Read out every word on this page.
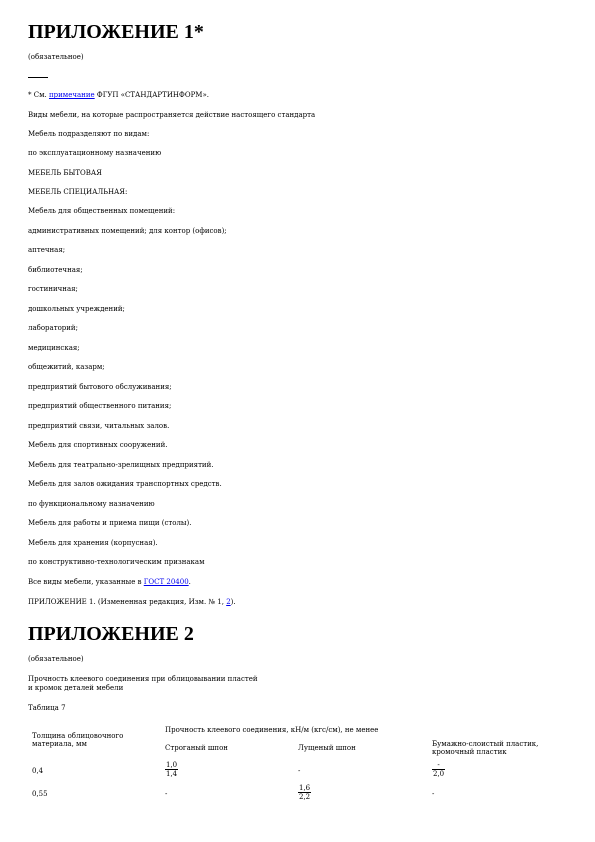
ПРИЛОЖЕНИЕ 1*
(обязательное)
* См. примечание ФГУП «СТАНДАРТИНФОРМ».
Виды мебели, на которые распространяется действие настоящего стандарта
Мебель подразделяют по видам:
по эксплуатационному назначению
МЕБЕЛЬ БЫТОВАЯ
МЕБЕЛЬ СПЕЦИАЛЬНАЯ:
Мебель для общественных помещений:
административных помещений; для контор (офисов);
аптечная;
библиотечная;
гостиничная;
дошкольных учреждений;
лабораторий;
медицинская;
общежитий, казарм;
предприятий бытового обслуживания;
предприятий общественного питания;
предприятий связи, читальных залов.
Мебель для спортивных сооружений.
Мебель для театрально-зрелищных предприятий.
Мебель для залов ожидания транспортных средств.
по функциональному назначению
Мебель для работы и приема пищи (столы).
Мебель для хранения (корпусная).
по конструктивно-технологическим признакам
Все виды мебели, указанные в ГОСТ 20400.
ПРИЛОЖЕНИЕ 1. (Измененная редакция, Изм. № 1, 2).
ПРИЛОЖЕНИЕ 2
(обязательное)
Прочность клеевого соединения при облицовывании пластей
и кромок деталей мебели
Таблица 7
Толщина облицовочного
материала, мм
Прочность клеевого соединения, кН/м (кгс/см), не менее
Строганый шпон	Лущеный шпон	Бумажно-слоистый пластик,
кромочный пластик
0,4	$\frac{1,0}{1,4}$	-	$\frac{-}{2,0}$
0,55	-	$\frac{1,6}{2,2}$	-
